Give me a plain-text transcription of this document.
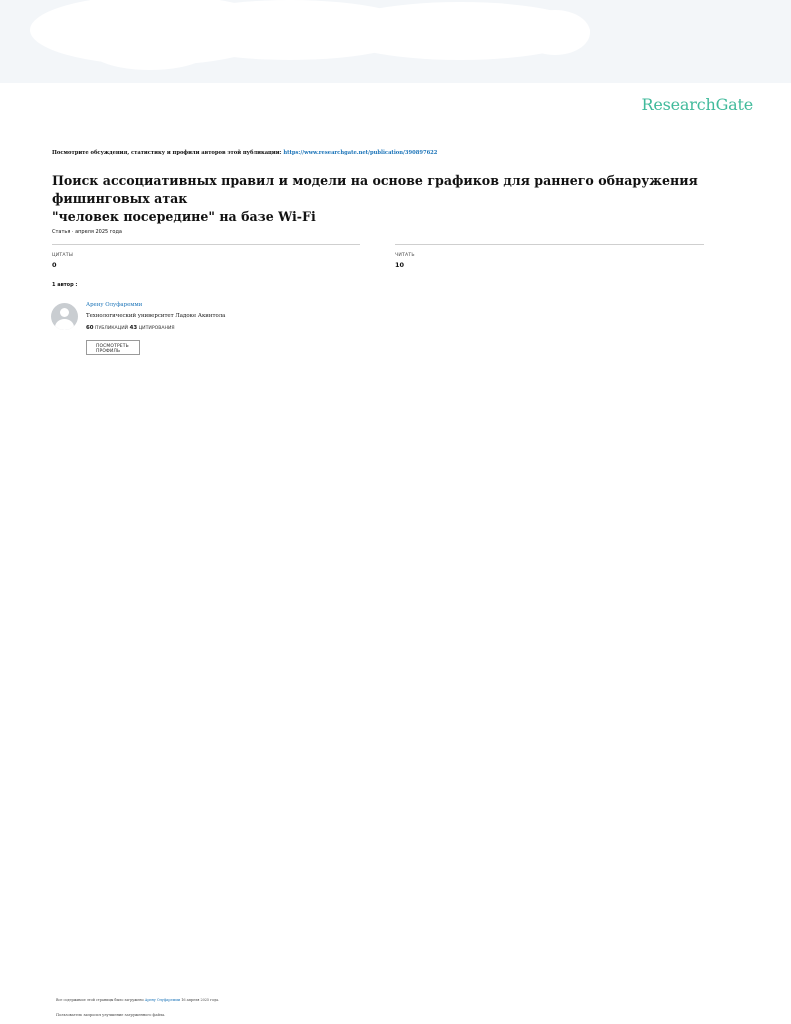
ResearchGate
Посмотрите обсуждения, статистику и профили авторов этой публикации: https://www.researchgate.net/publication/390897622
Поиск ассоциативных правил и модели на основе графиков для раннего обнаружения фишинговых атак
"человек посередине" на базе Wi-Fi
Статья · апреля 2025 года
ЦИТАТЫ
0
ЧИТАТЬ
10
1 автор :
Арену Олуфаремми
Технологический университет Ладоке Акинтола
60 ПУБЛИКАЦИЙ 43 ЦИТИРОВАНИЯ
ПОСМОТРЕТЬ
ПРОФИЛЬ
Все содержимое этой страницы было загружено Арену Олуфаремми 16 апреля 2025 года.
Пользователь запросил улучшение загруженного файла.
